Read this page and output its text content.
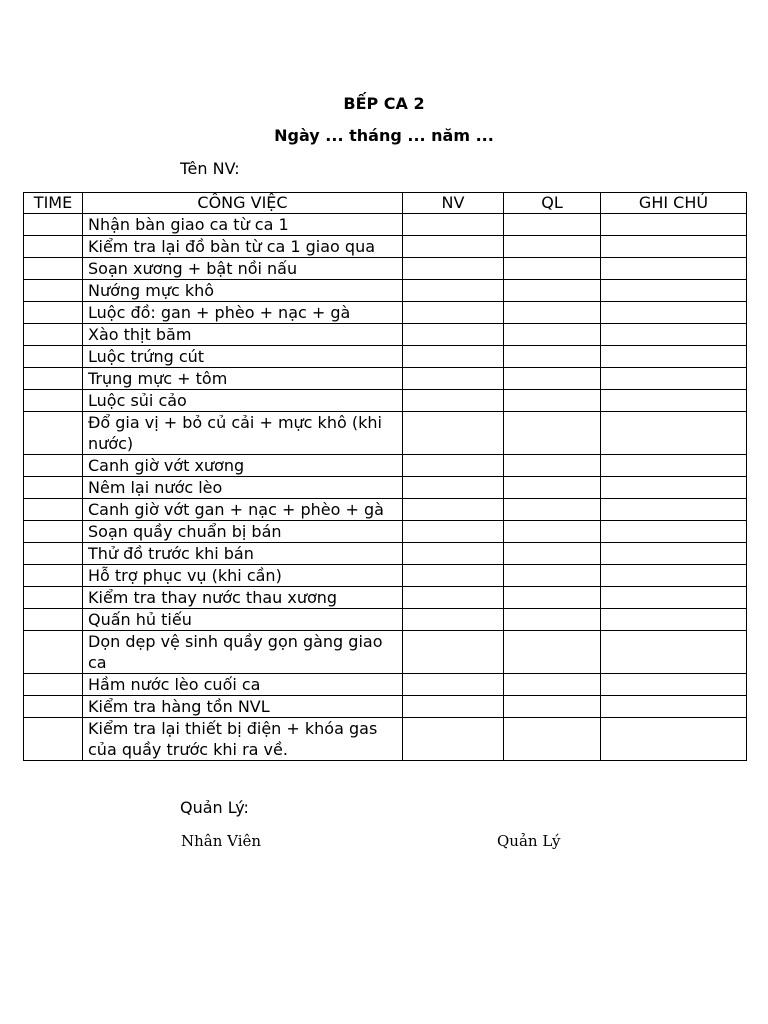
BẾP CA 2
Ngày ... tháng ... năm ...
Tên NV:
TIME	CÔNG VIỆC	NV	QL	GHI CHÚ
	Nhận bàn giao ca từ ca 1			
	Kiểm tra lại đồ bàn từ ca 1 giao qua			
	Soạn xương + bật nồi nấu			
	Nướng mực khô			
	Luộc đồ: gan + phèo + nạc + gà			
	Xào thịt băm			
	Luộc trứng cút			
	Trụng mực + tôm			
	Luộc sủi cảo			
	Đổ gia vị + bỏ củ cải + mực khô (khi nước)			
	Canh giờ vớt xương			
	Nêm lại nước lèo			
	Canh giờ vớt gan + nạc + phèo + gà			
	Soạn quầy chuẩn bị bán			
	Thử đồ trước khi bán			
	Hỗ trợ phục vụ (khi cần)			
	Kiểm tra thay nước thau xương			
	Quấn hủ tiếu			
	Dọn dẹp vệ sinh quầy gọn gàng giao ca			
	Hầm nước lèo cuối ca			
	Kiểm tra hàng tồn NVL			
	Kiểm tra lại thiết bị điện + khóa gas của quầy trước khi ra về.			
Quản Lý:
Nhân Viên	Quản Lý
